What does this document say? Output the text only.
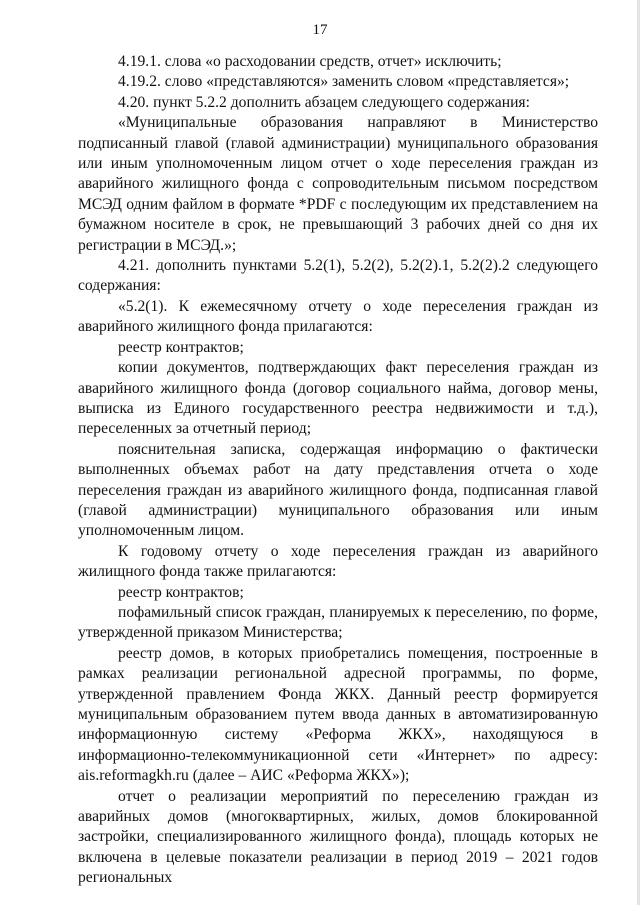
17

4.19.1. слова «о расходовании средств, отчет» исключить;

4.19.2. слово «представляются» заменить словом «представляется»;

4.20. пункт 5.2.2 дополнить абзацем следующего содержания:

«Муниципальные образования направляют в Министерство подписанный главой (главой администрации) муниципального образования или иным уполномоченным лицом отчет о ходе переселения граждан из аварийного жилищного фонда с сопроводительным письмом посредством МСЭД одним файлом в формате *PDF с последующим их представлением на бумажном носителе в срок, не превышающий 3 рабочих дней со дня их регистрации в МСЭД.»;

4.21. дополнить пунктами 5.2(1), 5.2(2), 5.2(2).1, 5.2(2).2 следующего содержания:

«5.2(1). К ежемесячному отчету о ходе переселения граждан из аварийного жилищного фонда прилагаются:

реестр контрактов;

копии документов, подтверждающих факт переселения граждан из аварийного жилищного фонда (договор социального найма, договор мены, выписка из Единого государственного реестра недвижимости и т.д.), переселенных за отчетный период;

пояснительная записка, содержащая информацию о фактически выполненных объемах работ на дату представления отчета о ходе переселения граждан из аварийного жилищного фонда, подписанная главой (главой администрации) муниципального образования или иным уполномоченным лицом.

К годовому отчету о ходе переселения граждан из аварийного жилищного фонда также прилагаются:

реестр контрактов;

пофамильный список граждан, планируемых к переселению, по форме, утвержденной приказом Министерства;

реестр домов, в которых приобретались помещения, построенные в рамках реализации региональной адресной программы, по форме, утвержденной правлением Фонда ЖКХ. Данный реестр формируется муниципальным образованием путем ввода данных в автоматизированную информационную систему «Реформа ЖКХ», находящуюся в информационно-телекоммуникационной сети «Интернет» по адресу: ais.reformagkh.ru (далее – АИС «Реформа ЖКХ»);

отчет о реализации мероприятий по переселению граждан из аварийных домов (многоквартирных, жилых, домов блокированной застройки, специализированного жилищного фонда), площадь которых не включена в целевые показатели реализации в период 2019 – 2021 годов региональных
